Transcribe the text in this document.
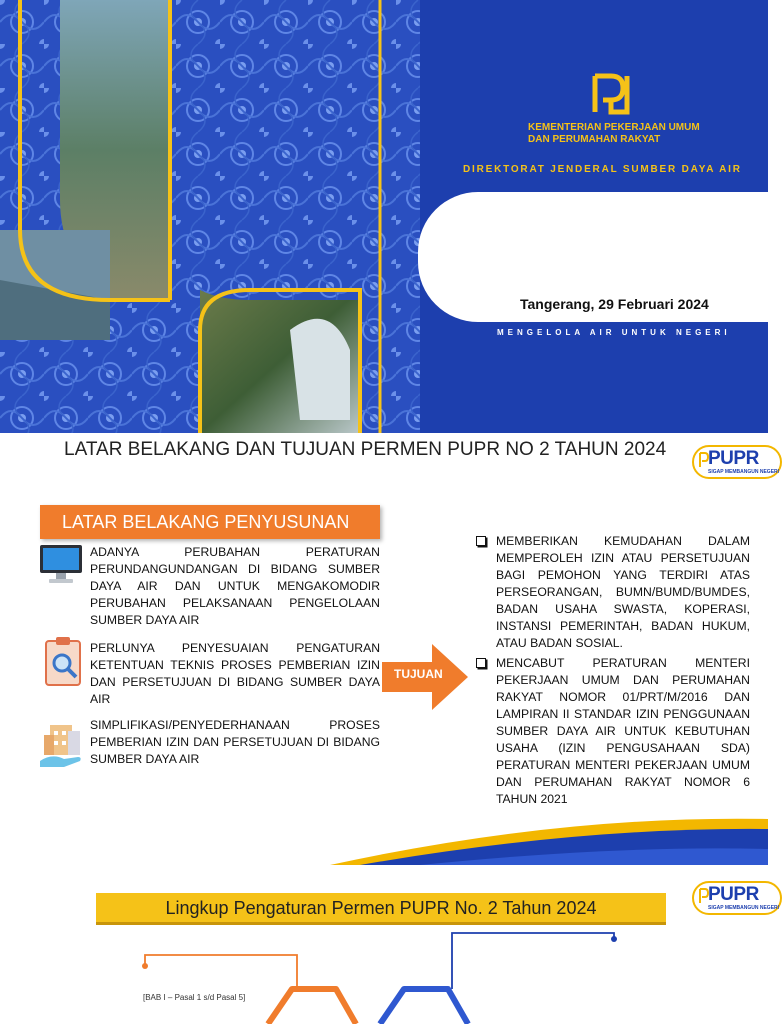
KEMENTERIAN PEKERJAAN UMUM
DAN PERUMAHAN RAKYAT
DIREKTORAT JENDERAL SUMBER DAYA AIR
Tangerang, 29 Februari 2024
MENGELOLA AIR UNTUK NEGERI
LATAR BELAKANG DAN TUJUAN PERMEN PUPR NO 2 TAHUN 2024 PUPR
SIGAP MEMBANGUN NEGERI
LATAR BELAKANG PENYUSUNAN
ADANYA PERUBAHAN PERATURAN PERUNDANGUNDANGAN DI BIDANG SUMBER DAYA AIR DAN UNTUK MENGAKOMODIR PERUBAHAN PELAKSANAAN PENGELOLAAN SUMBER DAYA AIR
PERLUNYA PENYESUAIAN PENGATURAN KETENTUAN TEKNIS PROSES PEMBERIAN IZIN DAN PERSETUJUAN DI BIDANG SUMBER DAYA AIR
SIMPLIFIKASI/PENYEDERHANAAN PROSES PEMBERIAN IZIN DAN PERSETUJUAN DI BIDANG SUMBER DAYA AIR
TUJUAN
MEMBERIKAN KEMUDAHAN DALAM MEMPEROLEH IZIN ATAU PERSETUJUAN BAGI PEMOHON YANG TERDIRI ATAS PERSEORANGAN, BUMN/BUMD/BUMDES, BADAN USAHA SWASTA, KOPERASI, INSTANSI PEMERINTAH, BADAN HUKUM, ATAU BADAN SOSIAL.
MENCABUT PERATURAN MENTERI PEKERJAAN UMUM DAN PERUMAHAN RAKYAT NOMOR 01/PRT/M/2016 DAN LAMPIRAN II STANDAR IZIN PENGGUNAAN SUMBER DAYA AIR UNTUK KEBUTUHAN USAHA (IZIN PENGUSAHAAN SDA) PERATURAN MENTERI PEKERJAAN UMUM DAN PERUMAHAN RAKYAT NOMOR 6 TAHUN 2021
Lingkup Pengaturan Permen PUPR No. 2 Tahun 2024
PUPR
SIGAP MEMBANGUN NEGERI
[BAB I – Pasal 1 s/d Pasal 5]
